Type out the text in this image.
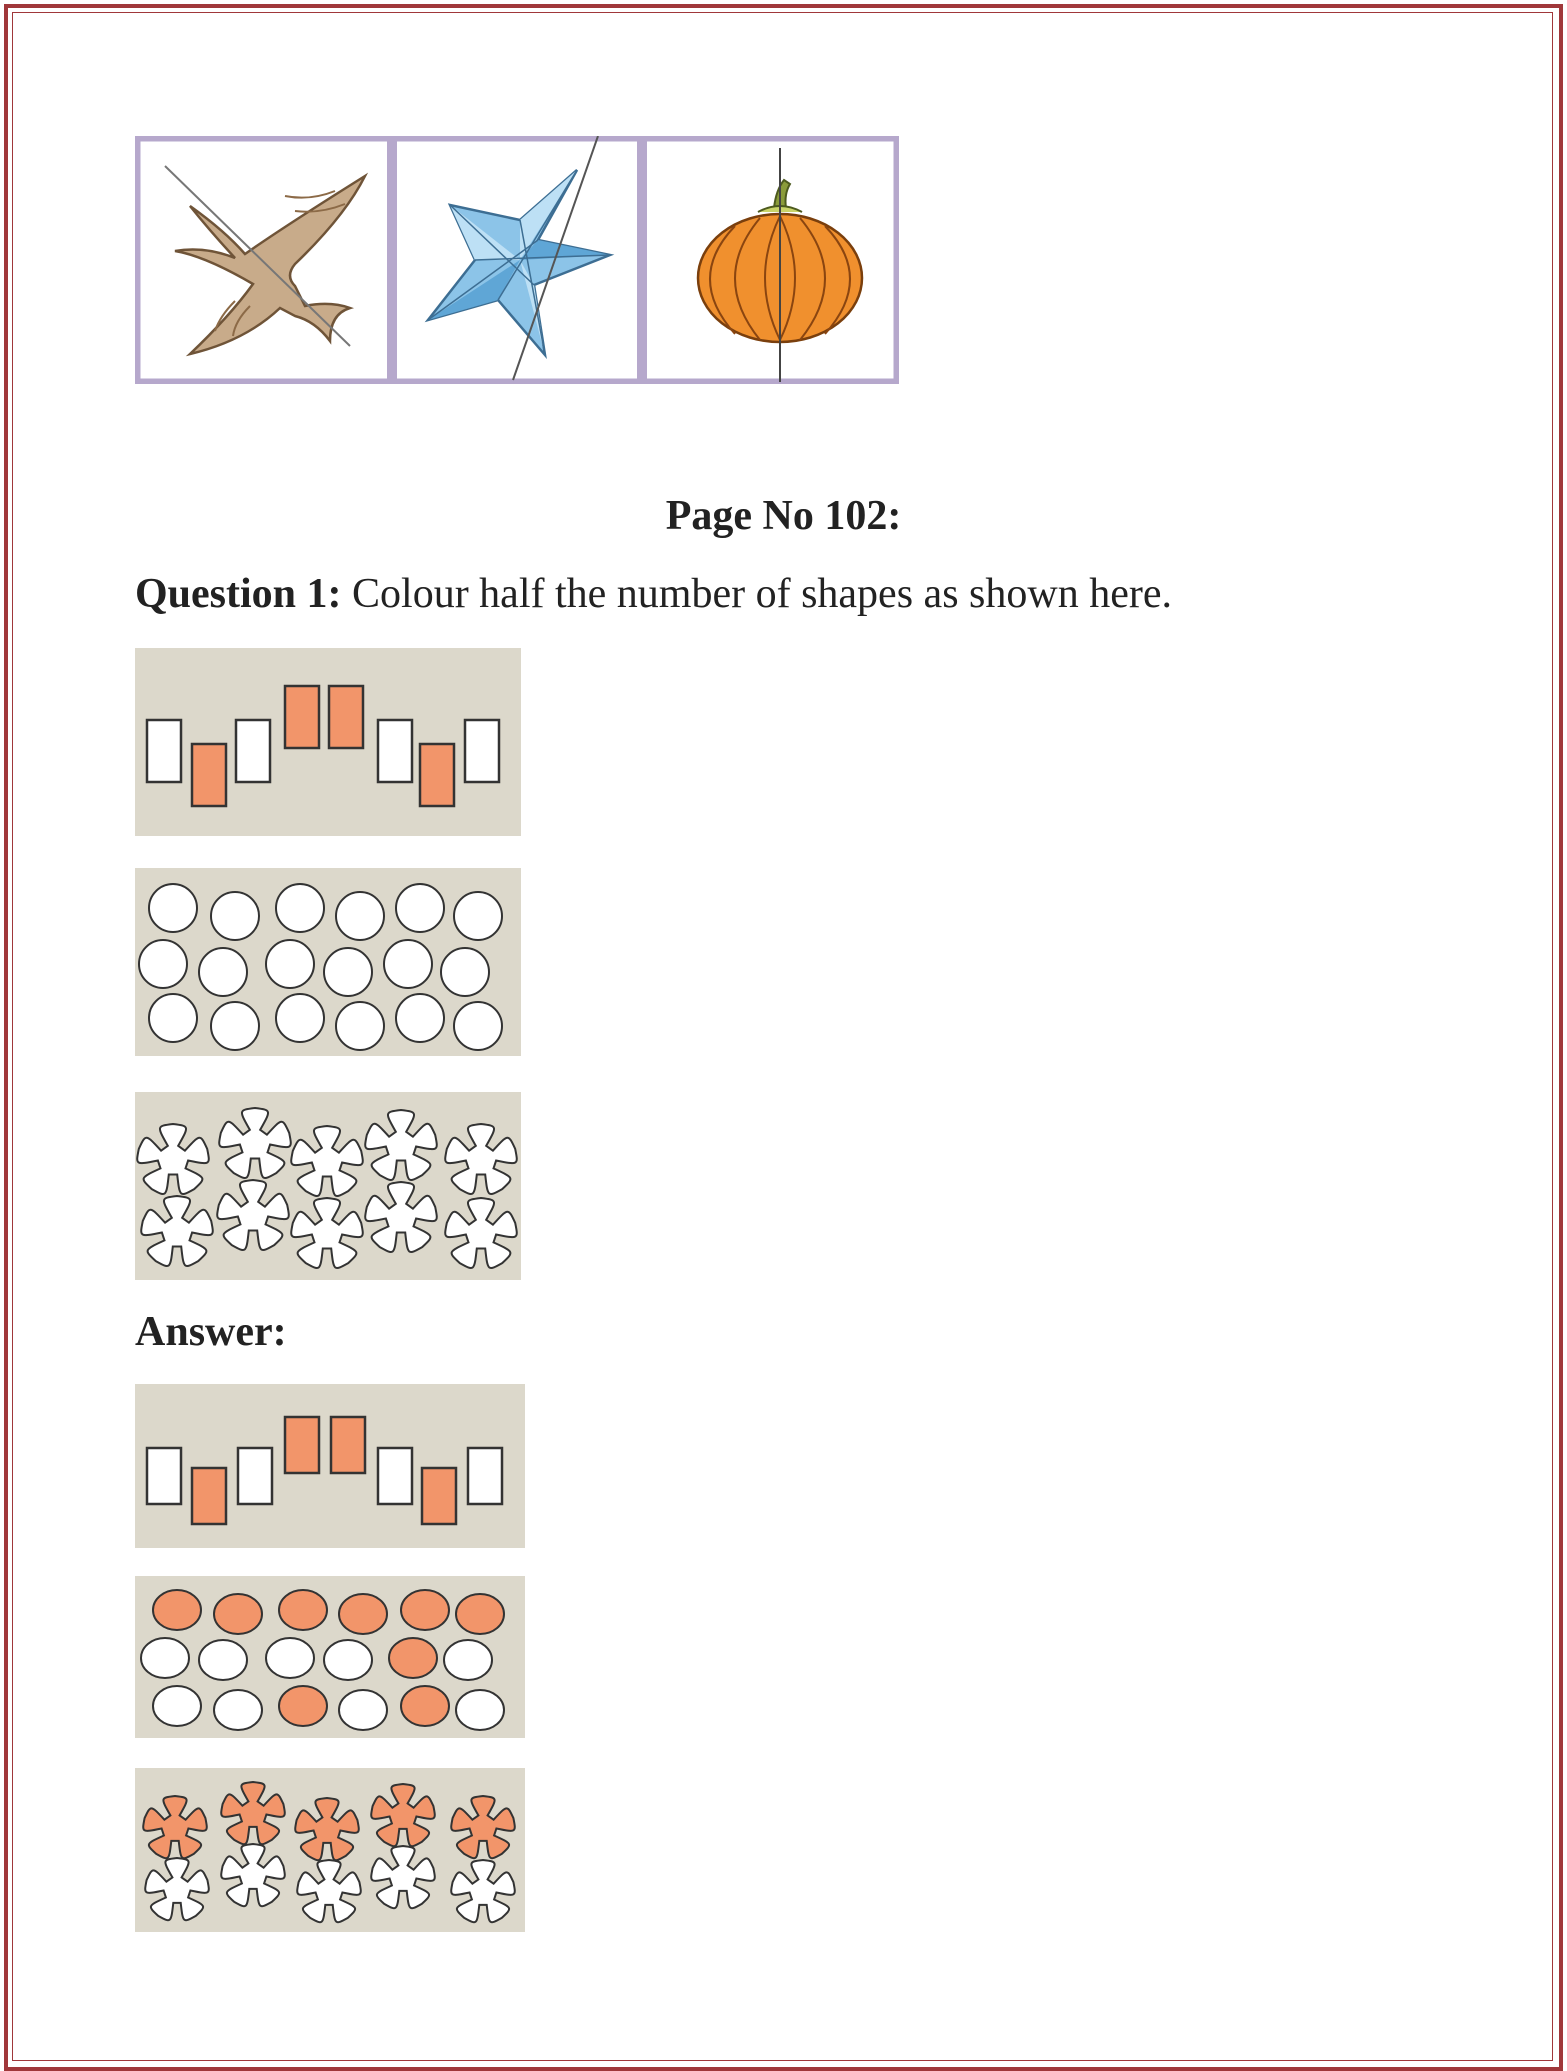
Page No 102:
Question 1: Colour half the number of shapes as shown here.
Answer:
